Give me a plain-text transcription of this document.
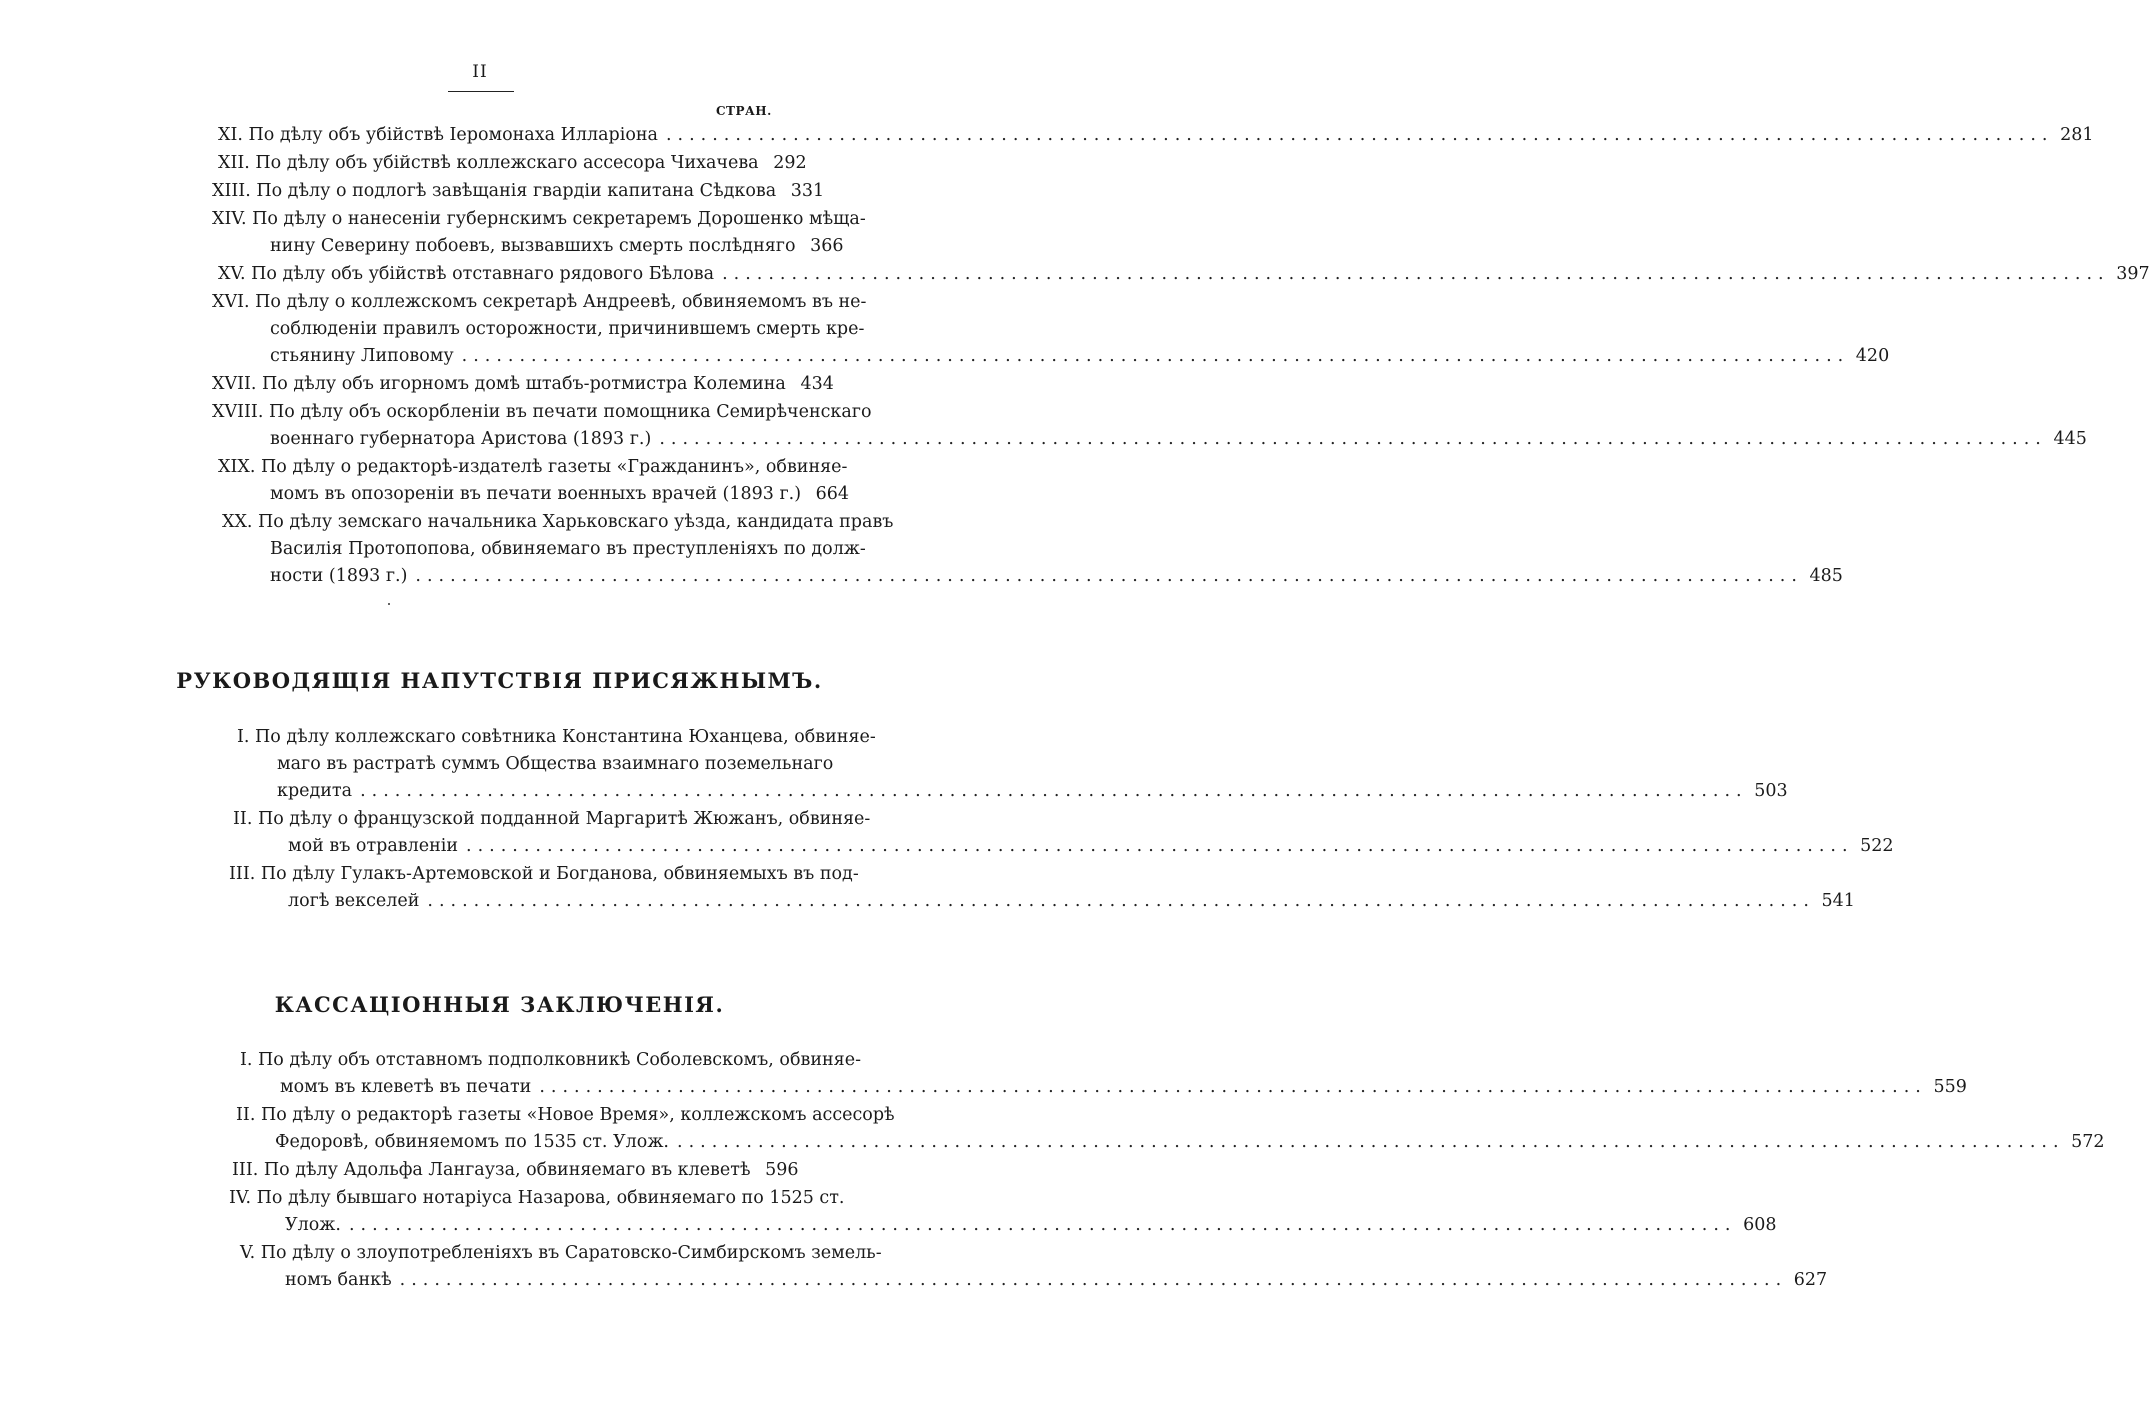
II
СТРАН.
XI. По дѣлу объ убійствѣ Іеромонаха Илларіона ........................................................................................................................ 281
XII. По дѣлу объ убійствѣ коллежскаго ассесора Чихачева 292
XIII. По дѣлу о подлогѣ завѣщанія гвардіи капитана Сѣдкова 331
XIV. По дѣлу о нанесеніи губернскимъ секретаремъ Дорошенко мѣща-
нину Северину побоевъ, вызвавшихъ смерть послѣдняго 366
XV. По дѣлу объ убійствѣ отставнаго рядового Бѣлова ........................................................................................................................ 397
XVI. По дѣлу о коллежскомъ секретарѣ Андреевѣ, обвиняемомъ въ не-
соблюденіи правилъ осторожности, причинившемъ смерть кре-
стьянину Липовому ........................................................................................................................ 420
XVII. По дѣлу объ игорномъ домѣ штабъ-ротмистра Колемина 434
XVIII. По дѣлу объ оскорбленіи въ печати помощника Семирѣченскаго
военнаго губернатора Аристова (1893 г.) ........................................................................................................................ 445
XIX. По дѣлу о редакторѣ-издателѣ газеты «Гражданинъ», обвиняе-
момъ въ опозореніи въ печати военныхъ врачей (1893 г.) 664
XX. По дѣлу земскаго начальника Харьковскаго уѣзда, кандидата правъ
Василія Протопопова, обвиняемаго въ преступленіяхъ по долж-
ности (1893 г.) ........................................................................................................................ 485
РУКОВОДЯЩІЯ НАПУТСТВІЯ ПРИСЯЖНЫМЪ.
I. По дѣлу коллежскаго совѣтника Константина Юханцева, обвиняе-
маго въ растратѣ суммъ Общества взаимнаго поземельнаго
кредита ........................................................................................................................ 503
II. По дѣлу о французской подданной Маргаритѣ Жюжанъ, обвиняе-
мой въ отравленіи ........................................................................................................................ 522
III. По дѣлу Гулакъ-Артемовской и Богданова, обвиняемыхъ въ под-
логѣ векселей ........................................................................................................................ 541
КАССАЦІОННЫЯ ЗАКЛЮЧЕНІЯ.
I. По дѣлу объ отставномъ подполковникѣ Соболевскомъ, обвиняе-
момъ въ клеветѣ въ печати ........................................................................................................................ 559
II. По дѣлу о редакторѣ газеты «Новое Время», коллежскомъ ассесорѣ
Федоровѣ, обвиняемомъ по 1535 ст. Улож. ........................................................................................................................ 572
III. По дѣлу Адольфа Лангауза, обвиняемаго въ клеветѣ 596
IV. По дѣлу бывшаго нотаріуса Назарова, обвиняемаго по 1525 ст.
Улож. ........................................................................................................................ 608
V. По дѣлу о злоупотребленіяхъ въ Саратовско-Симбирскомъ земель-
номъ банкѣ ........................................................................................................................ 627
